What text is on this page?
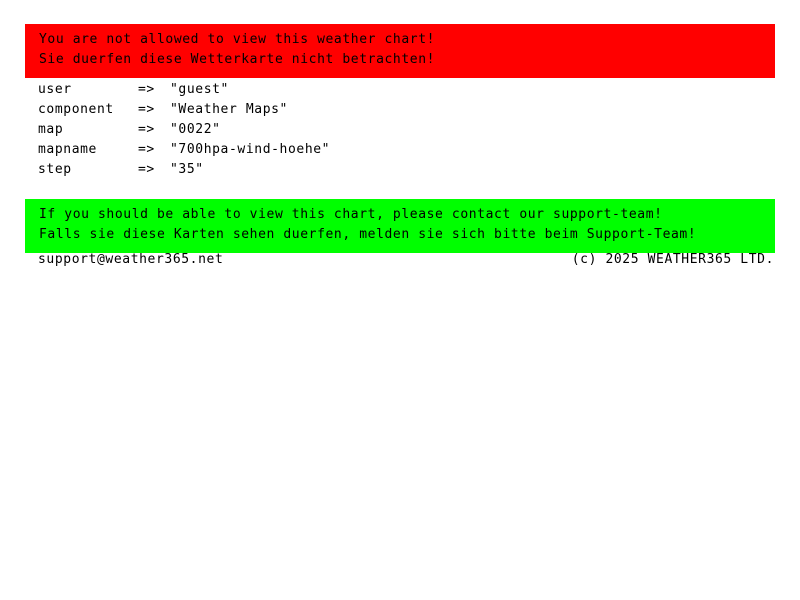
You are not allowed to view this weather chart!
Sie duerfen diese Wetterkarte nicht betrachten!
user	=>	"guest"
component	=>	"Weather Maps"
map	=>	"0022"
mapname	=>	"700hpa-wind-hoehe"
step	=>	"35"
If you should be able to view this chart, please contact our support-team!
Falls sie diese Karten sehen duerfen, melden sie sich bitte beim Support-Team!
support@weather365.net	(c) 2025 WEATHER365 LTD.
